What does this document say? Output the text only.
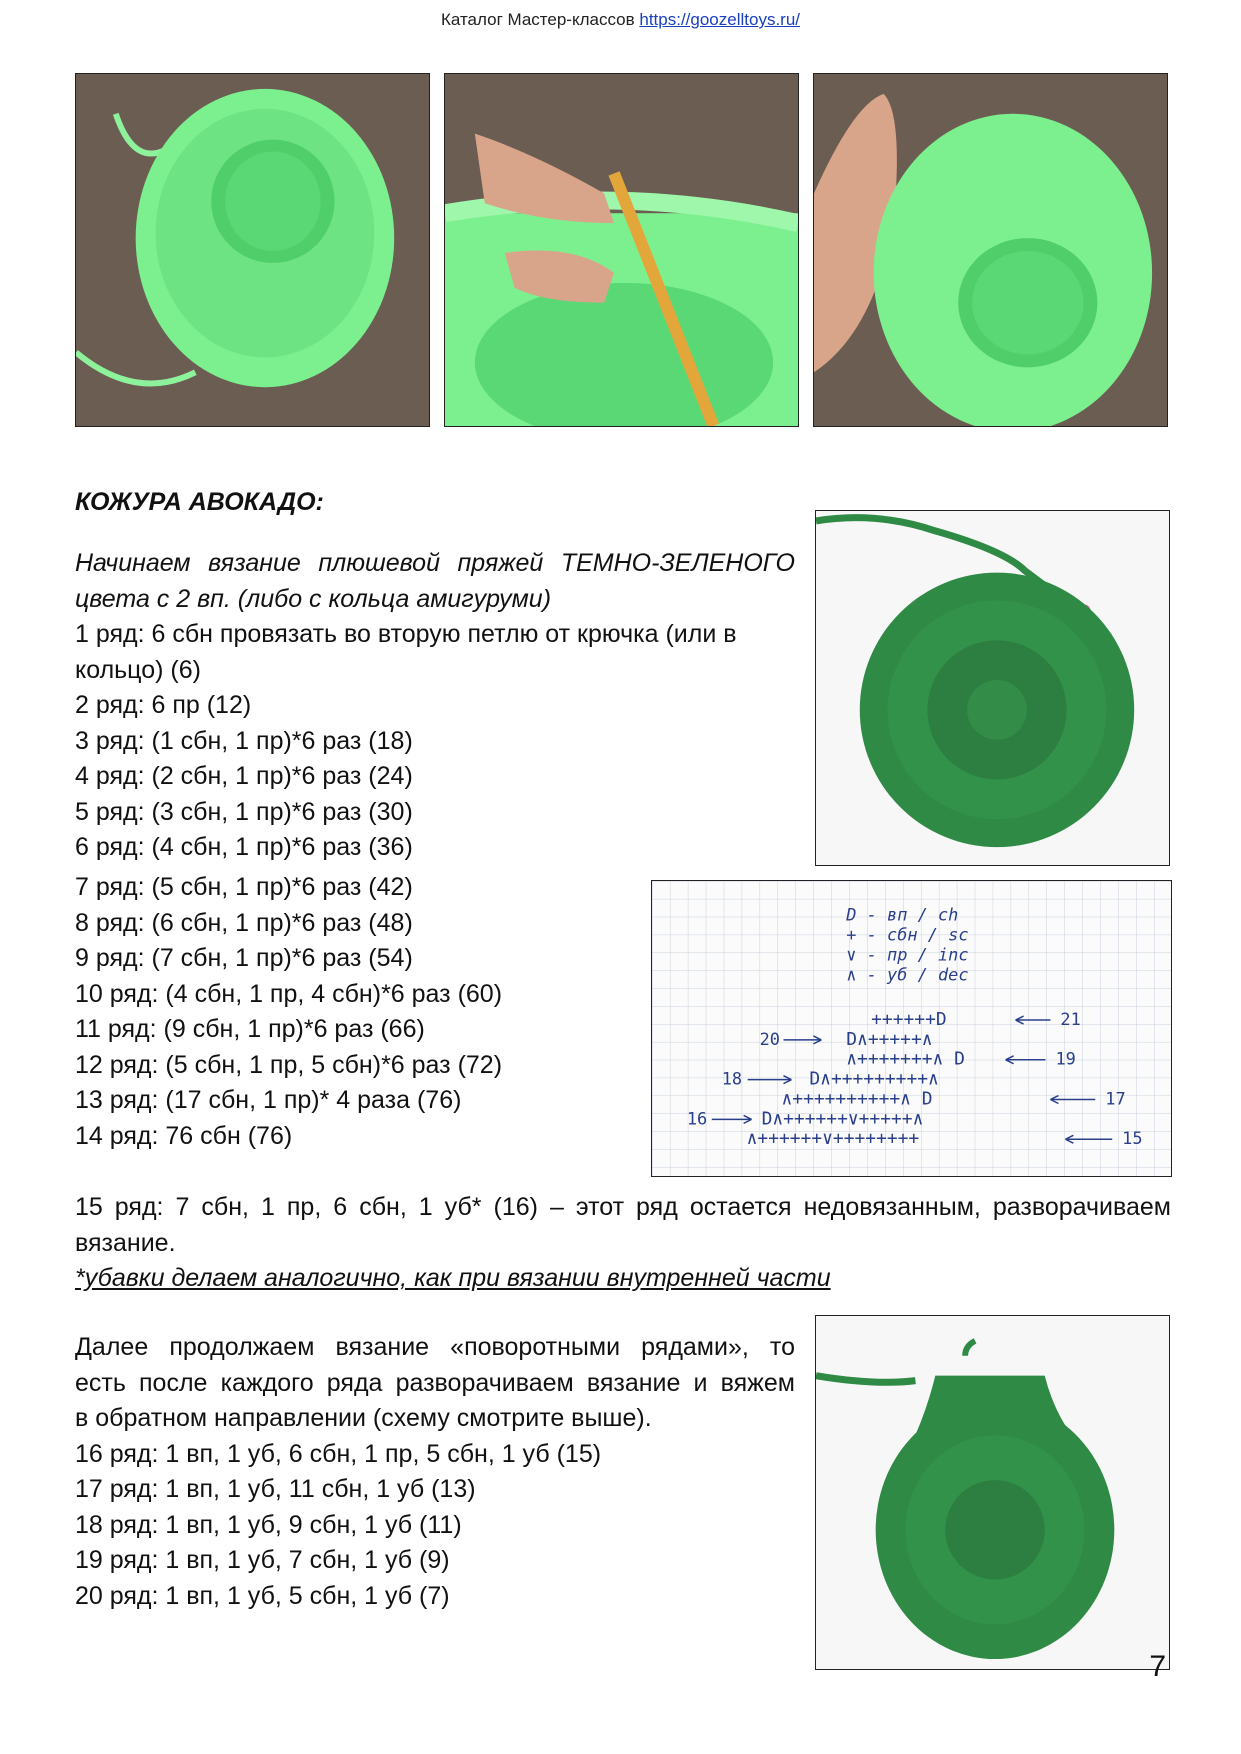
Каталог Мастер-классов https://goozelltoys.ru/
КОЖУРА АВОКАДО:
Начинаем вязание плюшевой пряжей ТЕМНО-ЗЕЛЕНОГО
цвета с 2 вп. (либо с кольца амигуруми)
1 ряд: 6 сбн провязать во вторую петлю от крючка (или в
кольцо) (6)
2 ряд: 6 пр (12)
3 ряд: (1 сбн, 1 пр)*6 раз (18)
4 ряд: (2 сбн, 1 пр)*6 раз (24)
5 ряд: (3 сбн, 1 пр)*6 раз (30)
6 ряд: (4 сбн, 1 пр)*6 раз (36)
7 ряд: (5 сбн, 1 пр)*6 раз (42)
8 ряд: (6 сбн, 1 пр)*6 раз (48)
9 ряд: (7 сбн, 1 пр)*6 раз (54)
10 ряд: (4 сбн, 1 пр, 4 сбн)*6 раз (60)
11 ряд: (9 сбн, 1 пр)*6 раз (66)
12 ряд: (5 сбн, 1 пр, 5 сбн)*6 раз (72)
13 ряд: (17 сбн, 1 пр)* 4 раза (76)
14 ряд: 76 сбн (76)
D - вп / ch
+ - сбн / sc
∨ - пр / inc
∧ - уб / dec
++++++D
D∧+++++∧
∧+++++++∧ D
D∧+++++++++∧
∧++++++++++∧ D
D∧++++++∨+++++∧
∧++++++∨++++++++
21
20
19
18
17
16
15
15 ряд: 7 сбн, 1 пр, 6 сбн, 1 уб* (16) – этот ряд остается недовязанным, разворачиваем
вязание.
*убавки делаем аналогично, как при вязании внутренней части
Далее продолжаем вязание «поворотными рядами», то
есть после каждого ряда разворачиваем вязание и вяжем
в обратном направлении (схему смотрите выше).
16 ряд: 1 вп, 1 уб, 6 сбн, 1 пр, 5 сбн, 1 уб (15)
17 ряд: 1 вп, 1 уб, 11 сбн, 1 уб (13)
18 ряд: 1 вп, 1 уб, 9 сбн, 1 уб (11)
19 ряд: 1 вп, 1 уб, 7 сбн, 1 уб (9)
20 ряд: 1 вп, 1 уб, 5 сбн, 1 уб (7)
7
